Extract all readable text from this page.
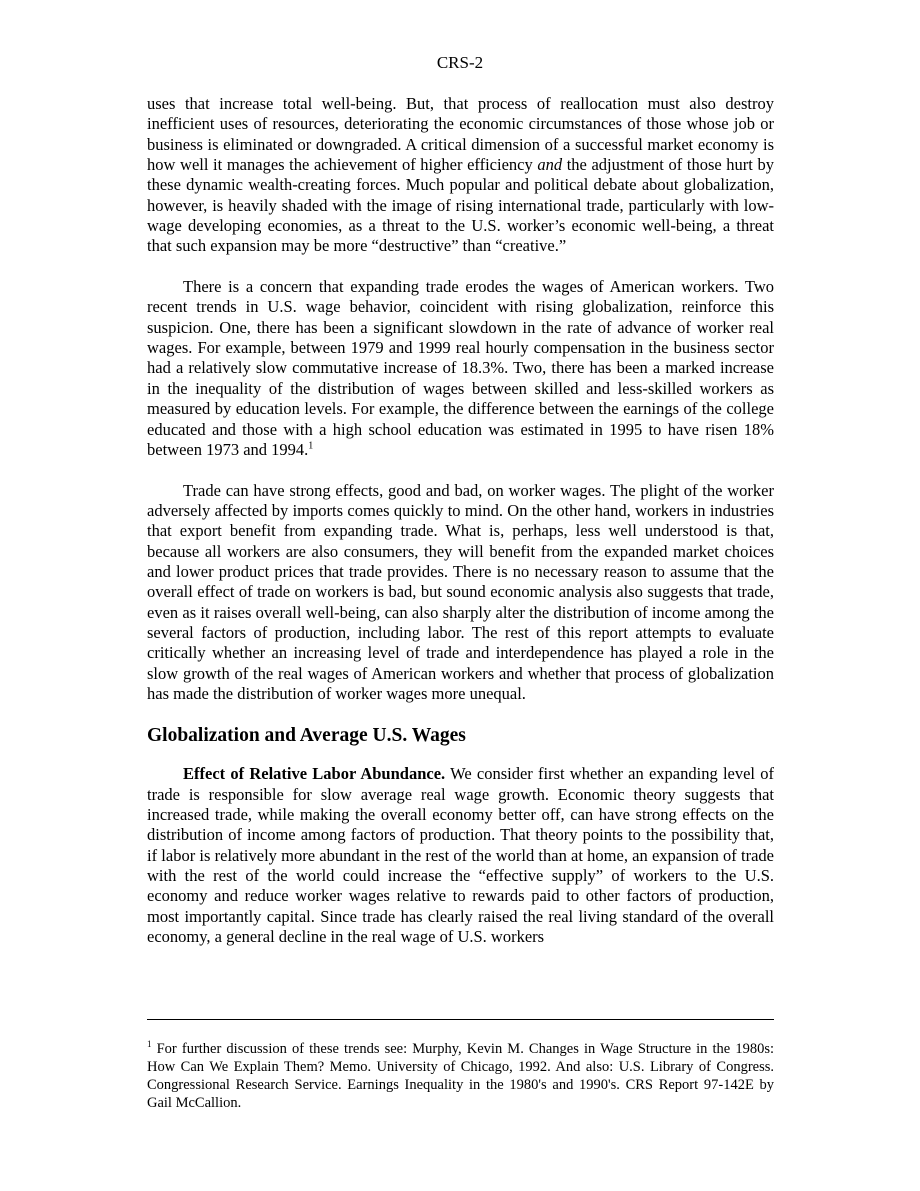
CRS-2

uses that increase total well-being. But, that process of reallocation must also destroy inefficient uses of resources, deteriorating the economic circumstances of those whose job or business is eliminated or downgraded. A critical dimension of a successful market economy is how well it manages the achievement of higher efficiency and the adjustment of those hurt by these dynamic wealth-creating forces. Much popular and political debate about globalization, however, is heavily shaded with the image of rising international trade, particularly with low-wage developing economies, as a threat to the U.S. worker’s economic well-being, a threat that such expansion may be more “destructive” than “creative.”

There is a concern that expanding trade erodes the wages of American workers. Two recent trends in U.S. wage behavior, coincident with rising globalization, reinforce this suspicion. One, there has been a significant slowdown in the rate of advance of worker real wages. For example, between 1979 and 1999 real hourly compensation in the business sector had a relatively slow commutative increase of 18.3%. Two, there has been a marked increase in the inequality of the distribution of wages between skilled and less-skilled workers as measured by education levels. For example, the difference between the earnings of the college educated and those with a high school education was estimated in 1995 to have risen 18% between 1973 and 1994.$^1$

Trade can have strong effects, good and bad, on worker wages. The plight of the worker adversely affected by imports comes quickly to mind. On the other hand, workers in industries that export benefit from expanding trade. What is, perhaps, less well understood is that, because all workers are also consumers, they will benefit from the expanded market choices and lower product prices that trade provides. There is no necessary reason to assume that the overall effect of trade on workers is bad, but sound economic analysis also suggests that trade, even as it raises overall well-being, can also sharply alter the distribution of income among the several factors of production, including labor. The rest of this report attempts to evaluate critically whether an increasing level of trade and interdependence has played a role in the slow growth of the real wages of American workers and whether that process of globalization has made the distribution of worker wages more unequal.

Globalization and Average U.S. Wages

Effect of Relative Labor Abundance. We consider first whether an expanding level of trade is responsible for slow average real wage growth. Economic theory suggests that increased trade, while making the overall economy better off, can have strong effects on the distribution of income among factors of production. That theory points to the possibility that, if labor is relatively more abundant in the rest of the world than at home, an expansion of trade with the rest of the world could increase the “effective supply” of workers to the U.S. economy and reduce worker wages relative to rewards paid to other factors of production, most importantly capital. Since trade has clearly raised the real living standard of the overall economy, a general decline in the real wage of U.S. workers

$^1$ For further discussion of these trends see: Murphy, Kevin M. Changes in Wage Structure in the 1980s: How Can We Explain Them? Memo. University of Chicago, 1992. And also: U.S. Library of Congress. Congressional Research Service. Earnings Inequality in the 1980's and 1990's. CRS Report 97-142E by Gail McCallion.
